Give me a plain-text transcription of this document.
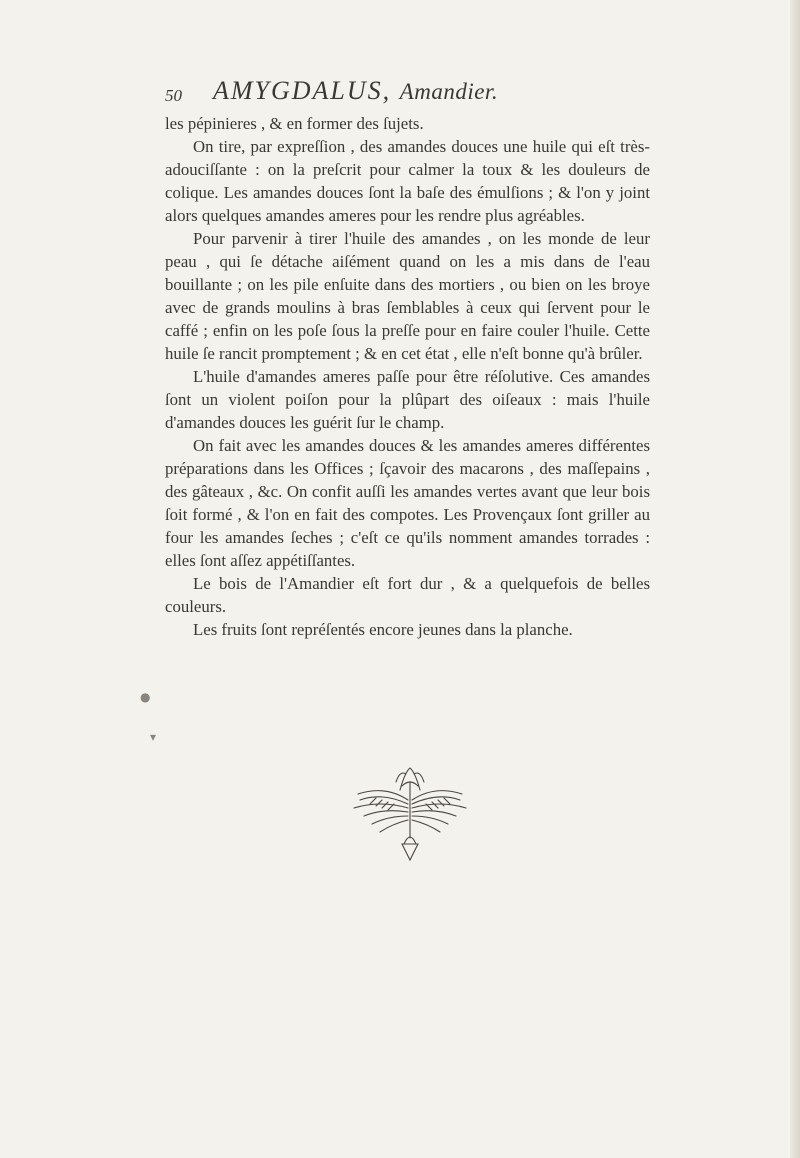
50 AMYGDALUS, Amandier.

les pépinieres , & en former des ſujets.

On tire, par expreſſion , des amandes douces une huile qui eſt très-adouciſſante : on la preſcrit pour calmer la toux & les douleurs de colique. Les amandes douces ſont la baſe des émulſions ; & l'on y joint alors quelques amandes ameres pour les rendre plus agréables.

Pour parvenir à tirer l'huile des amandes , on les monde de leur peau , qui ſe détache aiſément quand on les a mis dans de l'eau bouillante ; on les pile enſuite dans des mortiers , ou bien on les broye avec de grands moulins à bras ſemblables à ceux qui ſervent pour le caffé ; enfin on les poſe ſous la preſſe pour en faire couler l'huile. Cette huile ſe rancit promptement ; & en cet état , elle n'eſt bonne qu'à brûler.

L'huile d'amandes ameres paſſe pour être réſolutive. Ces amandes ſont un violent poiſon pour la plûpart des oiſeaux : mais l'huile d'amandes douces les guérit ſur le champ.

On fait avec les amandes douces & les amandes ameres différentes préparations dans les Offices ; ſçavoir des macarons , des maſſepains , des gâteaux , &c. On confit auſſi les amandes vertes avant que leur bois ſoit formé , & l'on en fait des compotes. Les Provençaux ſont griller au four les amandes ſeches ; c'eſt ce qu'ils nomment amandes torrades : elles ſont aſſez appétiſſantes.

Le bois de l'Amandier eſt fort dur , & a quelquefois de belles couleurs.

Les fruits ſont repréſentés encore jeunes dans la planche.

●
▾
